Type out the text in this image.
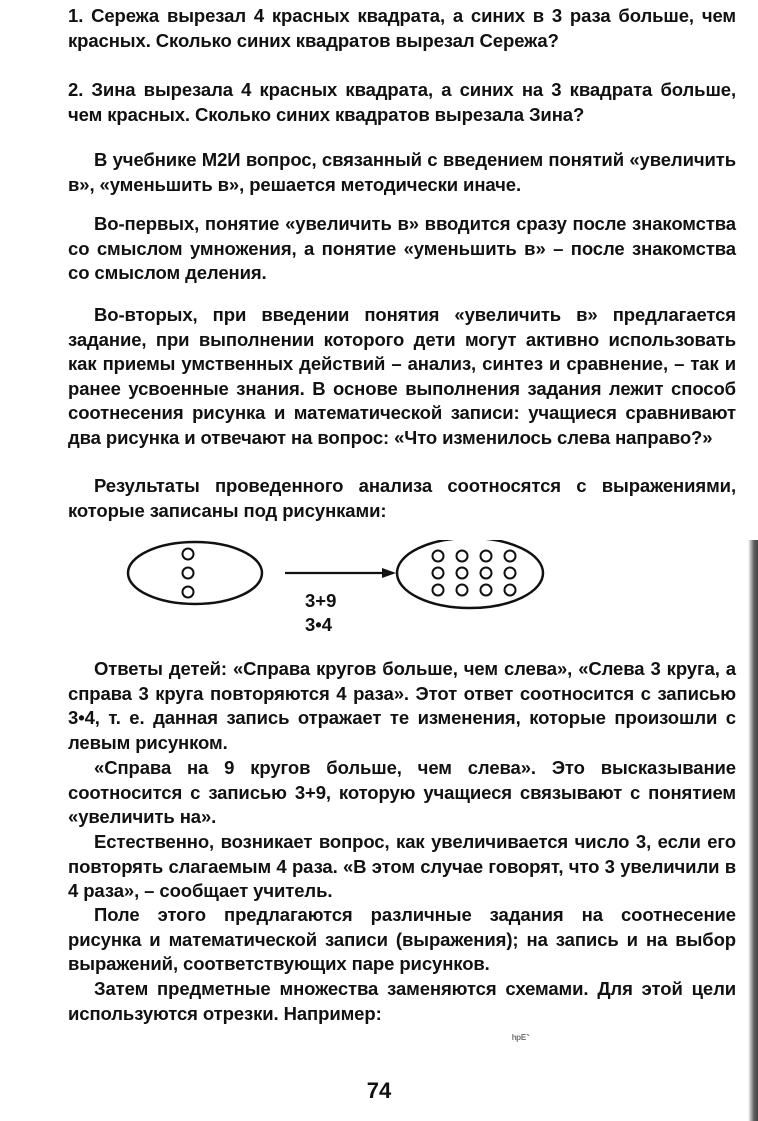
1. Сережа вырезал 4 красных квадрата, а синих в 3 раза больше, чем красных. Сколько синих квадратов вырезал Сережа?

2. Зина вырезала 4 красных квадрата, а синих на 3 квадрата больше, чем красных. Сколько синих квадратов вырезала Зина?

В учебнике М2И вопрос, связанный с введением понятий «увеличить в», «уменьшить в», решается методически иначе.

Во-первых, понятие «увеличить в» вводится сразу после знакомства со смыслом умножения, а понятие «уменьшить в» – после знакомства со смыслом деления.

Во-вторых, при введении понятия «увеличить в» предлагается задание, при выполнении которого дети могут активно использовать как приемы умственных действий – анализ, синтез и сравнение, – так и ранее усвоенные знания. В основе выполнения задания лежит способ соотнесения рисунка и математической записи: учащиеся сравнивают два рисунка и отвечают на вопрос: «Что изменилось слева направо?»

Результаты проведенного анализа соотносятся с выражениями, которые записаны под рисунками:

3+9
3•4

Ответы детей: «Справа кругов больше, чем слева», «Слева 3 круга, а справа 3 круга повторяются 4 раза». Этот ответ соотносится с записью 3•4, т. е. данная запись отражает те изменения, которые произошли с левым рисунком.

«Справа на 9 кругов больше, чем слева». Это высказывание соотносится с записью 3+9, которую учащиеся связывают с понятием «увеличить на».

Естественно, возникает вопрос, как увеличивается число 3, если его повторять слагаемым 4 раза. «В этом случае говорят, что 3 увеличили в 4 раза», – сообщает учитель.

Поле этого предлагаются различные задания на соотнесение рисунка и математической записи (выражения); на запись и на выбор выражений, соответствующих паре рисунков.

Затем предметные множества заменяются схемами. Для этой цели используются отрезки. Например:

ʰᵖᴱ`
74
